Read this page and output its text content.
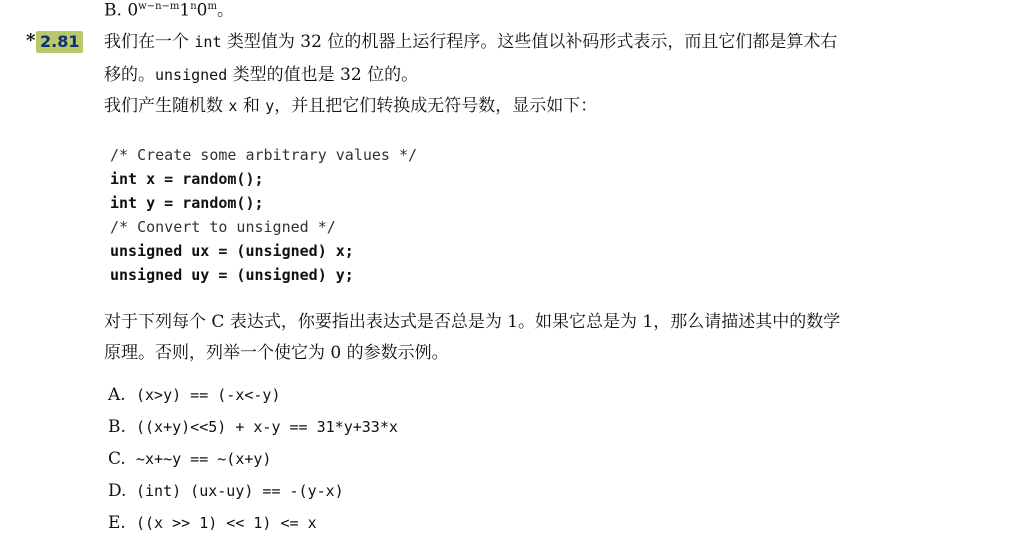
B. $0^{w-n-m}1^n0^m$。
* 2.81 我们在一个 int 类型值为 32 位的机器上运行程序。这些值以补码形式表示，而且它们都是算术右
移的。unsigned 类型的值也是 32 位的。
我们产生随机数 x 和 y，并且把它们转换成无符号数，显示如下：
/* Create some arbitrary values */
int x = random();
int y = random();
/* Convert to unsigned */
unsigned ux = (unsigned) x;
unsigned uy = (unsigned) y;
对于下列每个 C 表达式，你要指出表达式是否总是为 1。如果它总是为 1，那么请描述其中的数学
原理。否则，列举一个使它为 0 的参数示例。
A. (x>y) == (-x<-y)
B. ((x+y)<<5) + x-y == 31*y+33*x
C. ~x+~y == ~(x+y)
D. (int) (ux-uy) == -(y-x)
E. ((x >> 1) << 1) <= x
